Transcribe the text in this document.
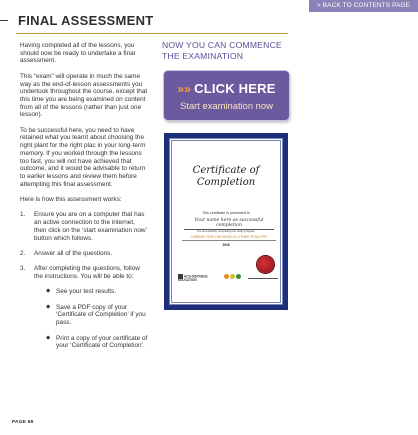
> BACK TO CONTENTS PAGE
FINAL ASSESSMENT

Having completed all of the lessons, you should now be ready to undertake a final assessment.

This “exam” will operate in much the same way as the end-of-lesson assessments you undertook throughout the course, except that this time you are being examined on content from all of the lessons (rather than just one lesson).

To be successful here, you need to have retained what you learnt about choosing the right plant for the right plac in your long-term memory. If you worked through the lessons too fast, you will not have achieved that outcome, and it would be advisable to return to earlier lessons and review them before attempting this final assessment.

Here is how this assessment works:

1. Ensure you are on a computer that has an active connection to the internet, then click on the ‘start examination now’ button which follows.
2. Answer all of the questions.
3. After completing the questions, follow the instructions. You will be able to:
◆ See your test results.
◆ Save a PDF copy of your ‘Certificate of Completion’ if you pass.
◆ Print a copy of your certificate of your ‘Certificate of Completion’.
NOW YOU CAN COMMENCE THE EXAMINATION
»» CLICK HERE
Start examination now
Certificate of
Completion
This certificate is presented to
Your name here as successful completion
For successfully completing the study program
CARING FOR CHICKENS & OTHER POULTRY
2018
ACS DISTANCE EDUCATION
PAGE 98
